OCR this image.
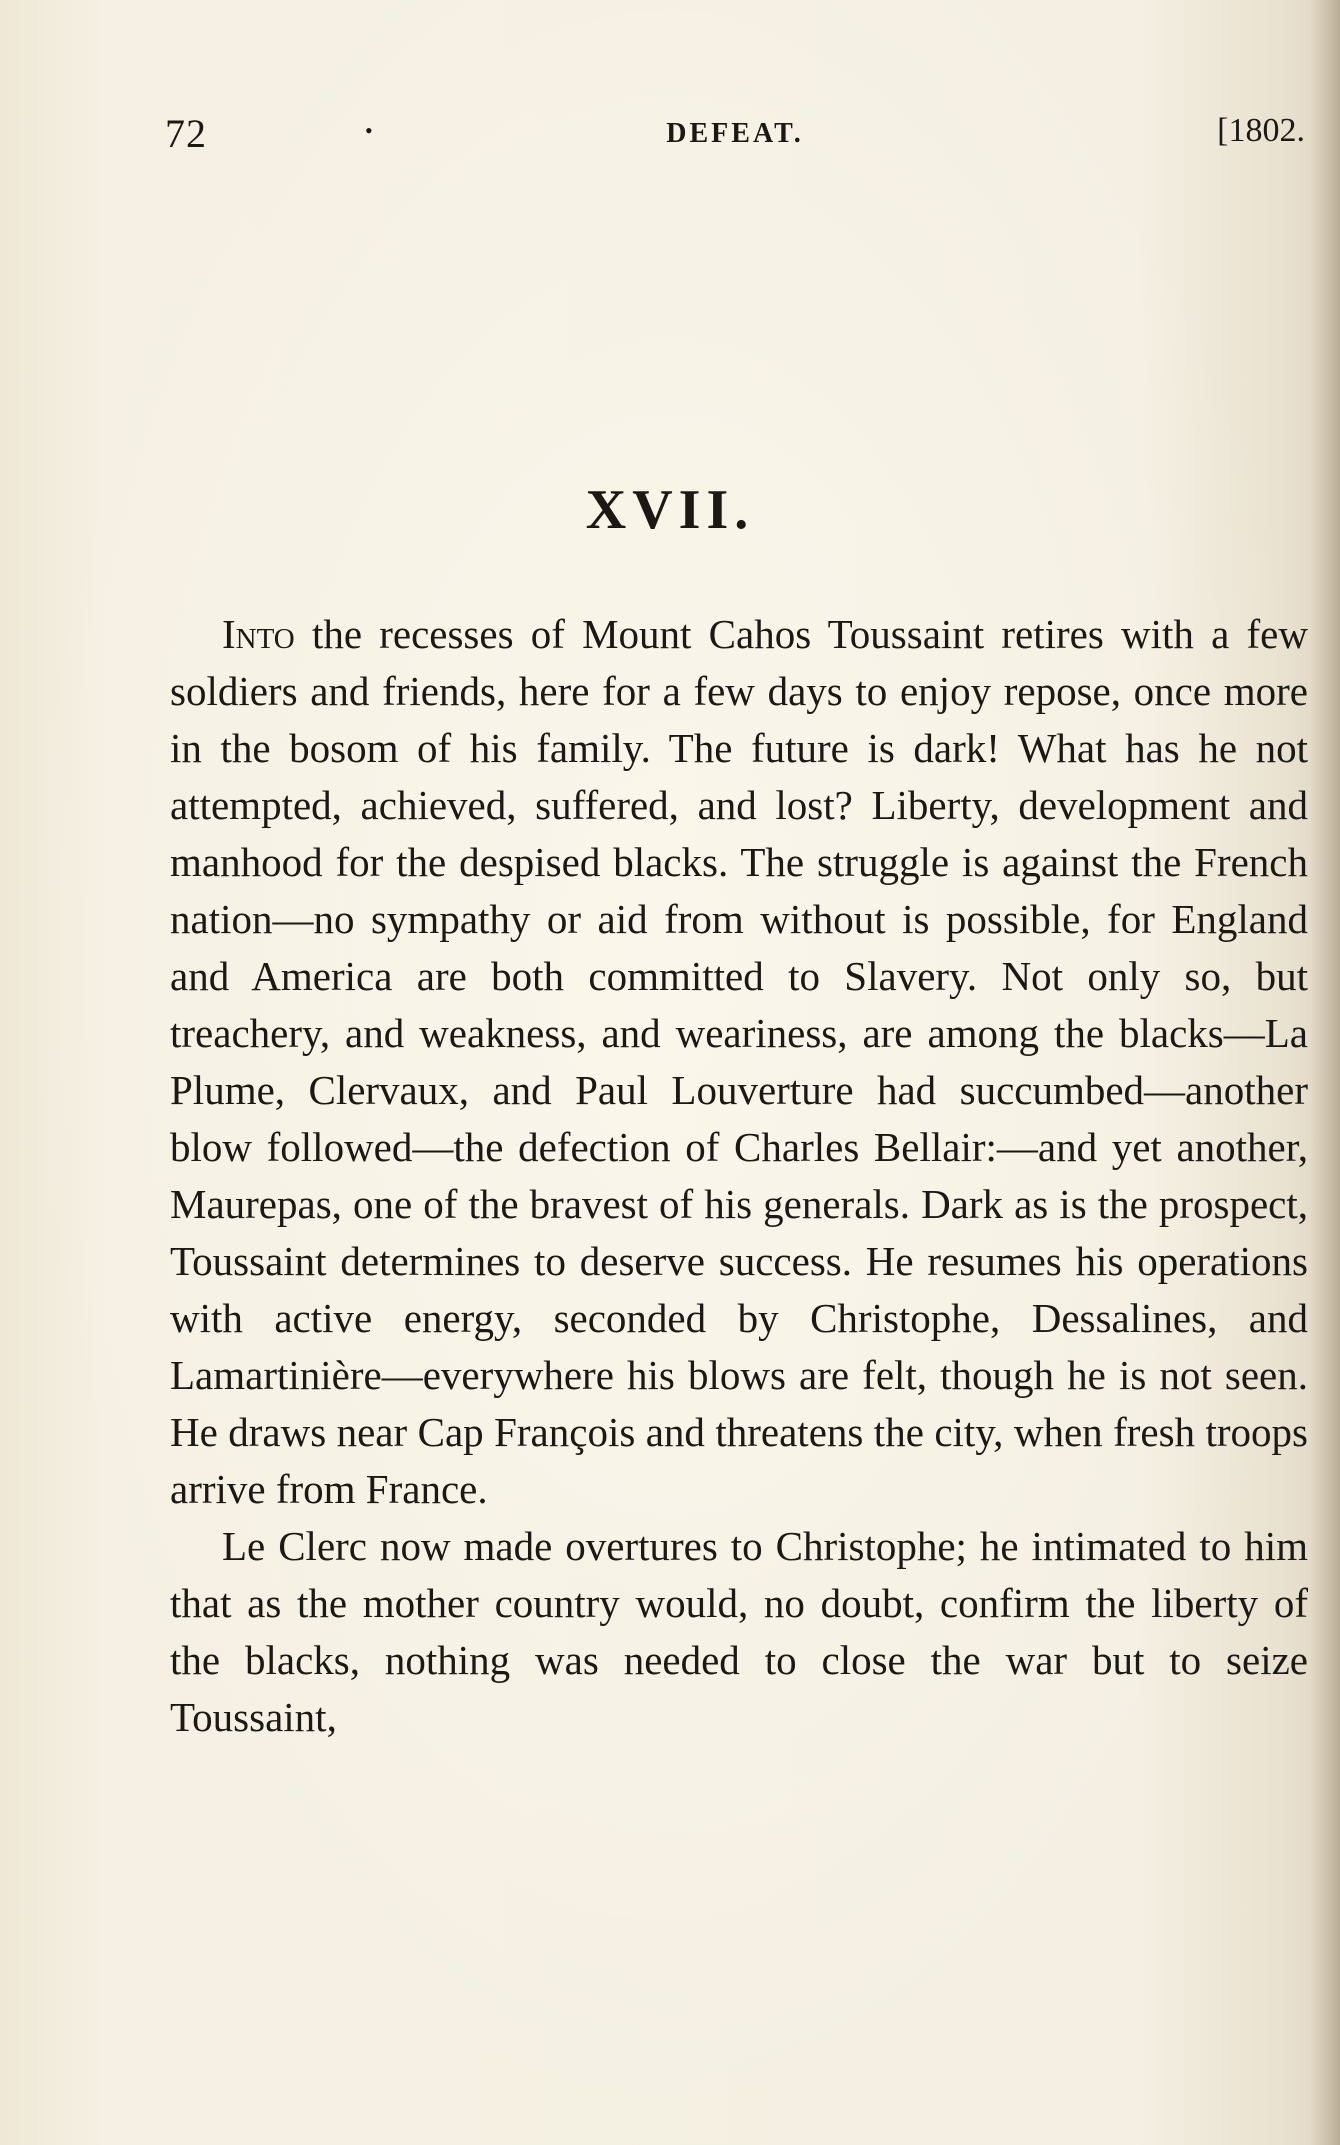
72	•	DEFEAT.	[1802.
XVII.

Into the recesses of Mount Cahos Toussaint retires with a few soldiers and friends, here for a few days to enjoy repose, once more in the bosom of his family. The future is dark! What has he not attempted, achieved, suffered, and lost? Liberty, development and manhood for the despised blacks. The struggle is against the French nation—no sympathy or aid from without is possible, for England and America are both committed to Slavery. Not only so, but treachery, and weakness, and weariness, are among the blacks—La Plume, Clervaux, and Paul Louverture had succumbed—another blow followed—the defection of Charles Bellair:—and yet another, Maurepas, one of the bravest of his generals. Dark as is the prospect, Toussaint determines to deserve success. He resumes his operations with active energy, seconded by Christophe, Dessalines, and Lamartinière—everywhere his blows are felt, though he is not seen. He draws near Cap François and threatens the city, when fresh troops arrive from France.

Le Clerc now made overtures to Christophe; he intimated to him that as the mother country would, no doubt, confirm the liberty of the blacks, nothing was needed to close the war but to seize Toussaint,
